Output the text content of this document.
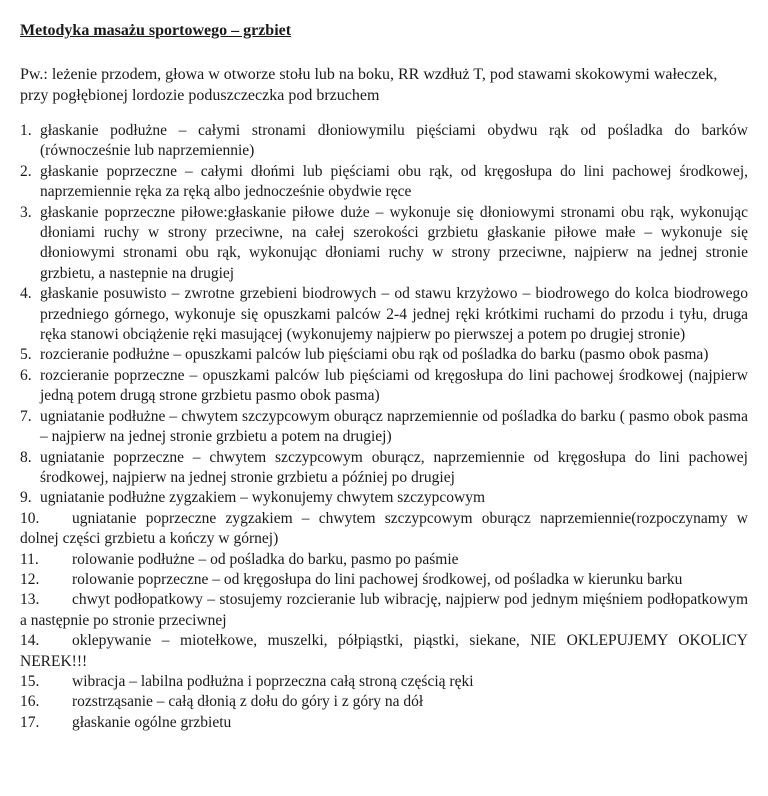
Metodyka masażu sportowego – grzbiet

Pw.: leżenie przodem, głowa w otworze stołu lub na boku, RR wzdłuż T, pod stawami skokowymi wałeczek, przy pogłębionej lordozie poduszczeczka pod brzuchem

1. głaskanie podłużne – całymi stronami dłoniowymilu pięściami obydwu rąk od pośladka do barków (równocześnie lub naprzemiennie)
2. głaskanie poprzeczne – całymi dłońmi lub pięściami obu rąk, od kręgosłupa do lini pachowej środkowej, naprzemiennie ręka za ręką albo jednocześnie obydwie ręce
3. głaskanie poprzeczne piłowe:głaskanie piłowe duże – wykonuje się dłoniowymi stronami obu rąk, wykonując dłoniami ruchy w strony przeciwne, na całej szerokości grzbietu głaskanie piłowe małe – wykonuje się dłoniowymi stronami obu rąk, wykonując dłoniami ruchy w strony przeciwne, najpierw na jednej stronie grzbietu, a nastepnie na drugiej
4. głaskanie posuwisto – zwrotne grzebieni biodrowych – od stawu krzyżowo – biodrowego do kolca biodrowego przedniego górnego, wykonuje się opuszkami palców 2-4 jednej ręki krótkimi ruchami do przodu i tyłu, druga ręka stanowi obciążenie ręki masującej (wykonujemy najpierw po pierwszej a potem po drugiej stronie)
5. rozcieranie podłużne – opuszkami palców lub pięściami obu rąk od pośladka do barku (pasmo obok pasma)
6. rozcieranie poprzeczne – opuszkami palców lub pięściami od kręgosłupa do lini pachowej środkowej (najpierw jedną potem drugą strone grzbietu pasmo obok pasma)
7. ugniatanie podłużne – chwytem szczypcowym oburącz naprzemiennie od pośladka do barku ( pasmo obok pasma – najpierw na jednej stronie grzbietu a potem na drugiej)
8. ugniatanie poprzeczne – chwytem szczypcowym oburącz, naprzemiennie od kręgosłupa do lini pachowej środkowej, najpierw na jednej stronie grzbietu a później po drugiej
9. ugniatanie podłużne zygzakiem – wykonujemy chwytem szczypcowym
10. ugniatanie poprzeczne zygzakiem – chwytem szczypcowym oburącz naprzemiennie(rozpoczynamy w dolnej części grzbietu a kończy w górnej)
11. rolowanie podłużne – od pośladka do barku, pasmo po paśmie
12. rolowanie poprzeczne – od kręgosłupa do lini pachowej środkowej, od pośladka w kierunku barku
13. chwyt podłopatkowy – stosujemy rozcieranie lub wibrację, najpierw pod jednym mięśniem podłopatkowym a następnie po stronie przeciwnej
14. oklepywanie – miotełkowe, muszelki, półpiąstki, piąstki, siekane, NIE OKLEPUJEMY OKOLICY NEREK!!!
15. wibracja – labilna podłużna i poprzeczna całą stroną częścią ręki
16. rozstrząsanie – całą dłonią z dołu do góry i z góry na dół
17. głaskanie ogólne grzbietu
